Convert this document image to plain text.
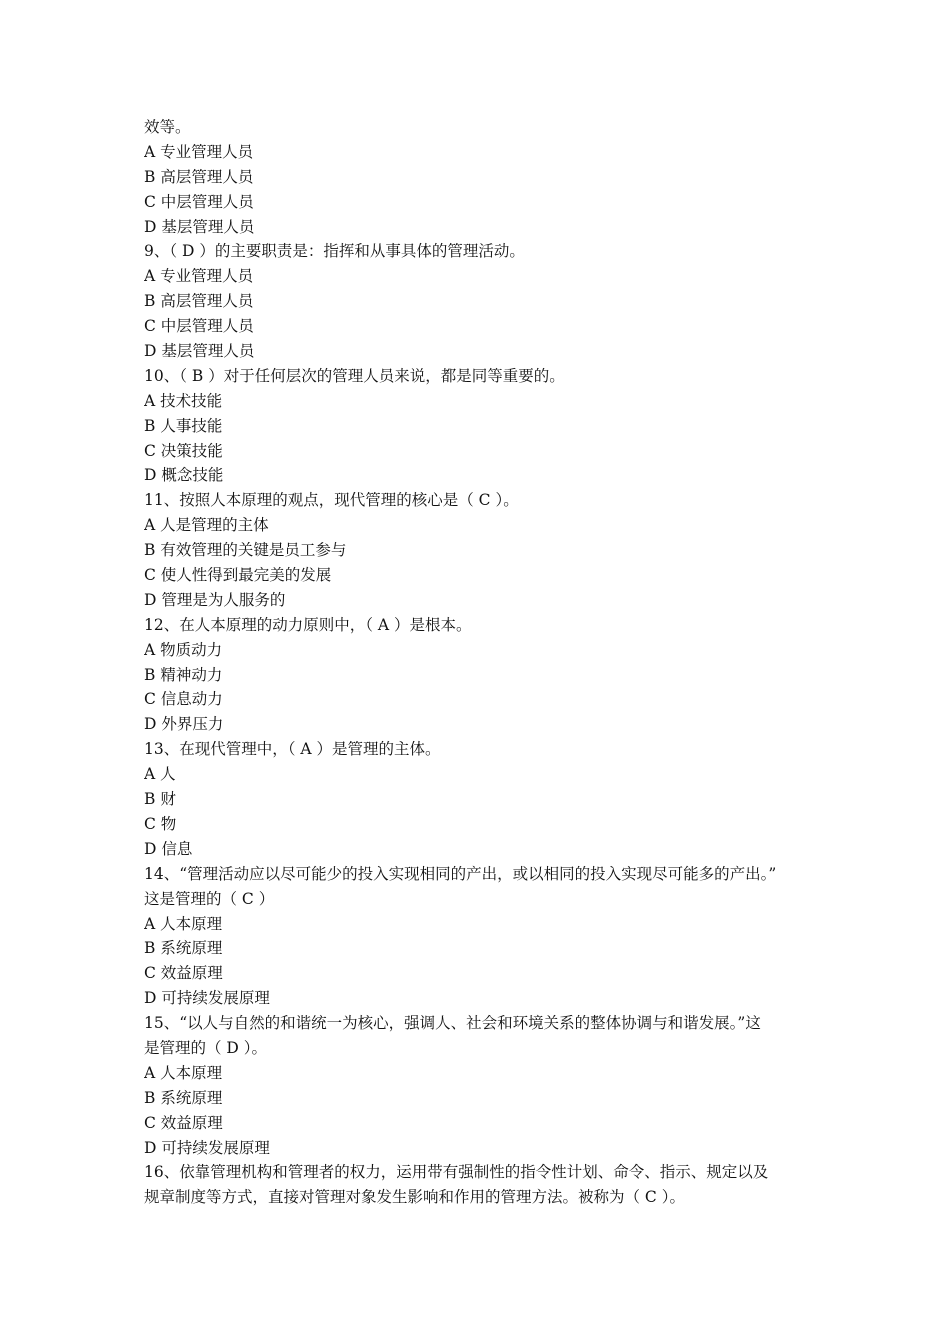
效等。
A 专业管理人员
B 高层管理人员
C 中层管理人员
D 基层管理人员
9、（ D ）的主要职责是：指挥和从事具体的管理活动。
A 专业管理人员
B 高层管理人员
C 中层管理人员
D 基层管理人员
10、（ B ）对于任何层次的管理人员来说，都是同等重要的。
A 技术技能
B 人事技能
C 决策技能
D 概念技能
11、按照人本原理的观点，现代管理的核心是（ C ）。
A 人是管理的主体
B 有效管理的关键是员工参与
C 使人性得到最完美的发展
D 管理是为人服务的
12、在人本原理的动力原则中，（ A ）是根本。
A 物质动力
B 精神动力
C 信息动力
D 外界压力
13、在现代管理中，（ A ）是管理的主体。
A 人
B 财
C 物
D 信息
14、“管理活动应以尽可能少的投入实现相同的产出，或以相同的投入实现尽可能多的产出。”
这是管理的（ C ）
A 人本原理
B 系统原理
C 效益原理
D 可持续发展原理
15、“以人与自然的和谐统一为核心，强调人、社会和环境关系的整体协调与和谐发展。”这
是管理的（ D ）。
A 人本原理
B 系统原理
C 效益原理
D 可持续发展原理
16、依靠管理机构和管理者的权力，运用带有强制性的指令性计划、命令、指示、规定以及
规章制度等方式，直接对管理对象发生影响和作用的管理方法。被称为（ C ）。
